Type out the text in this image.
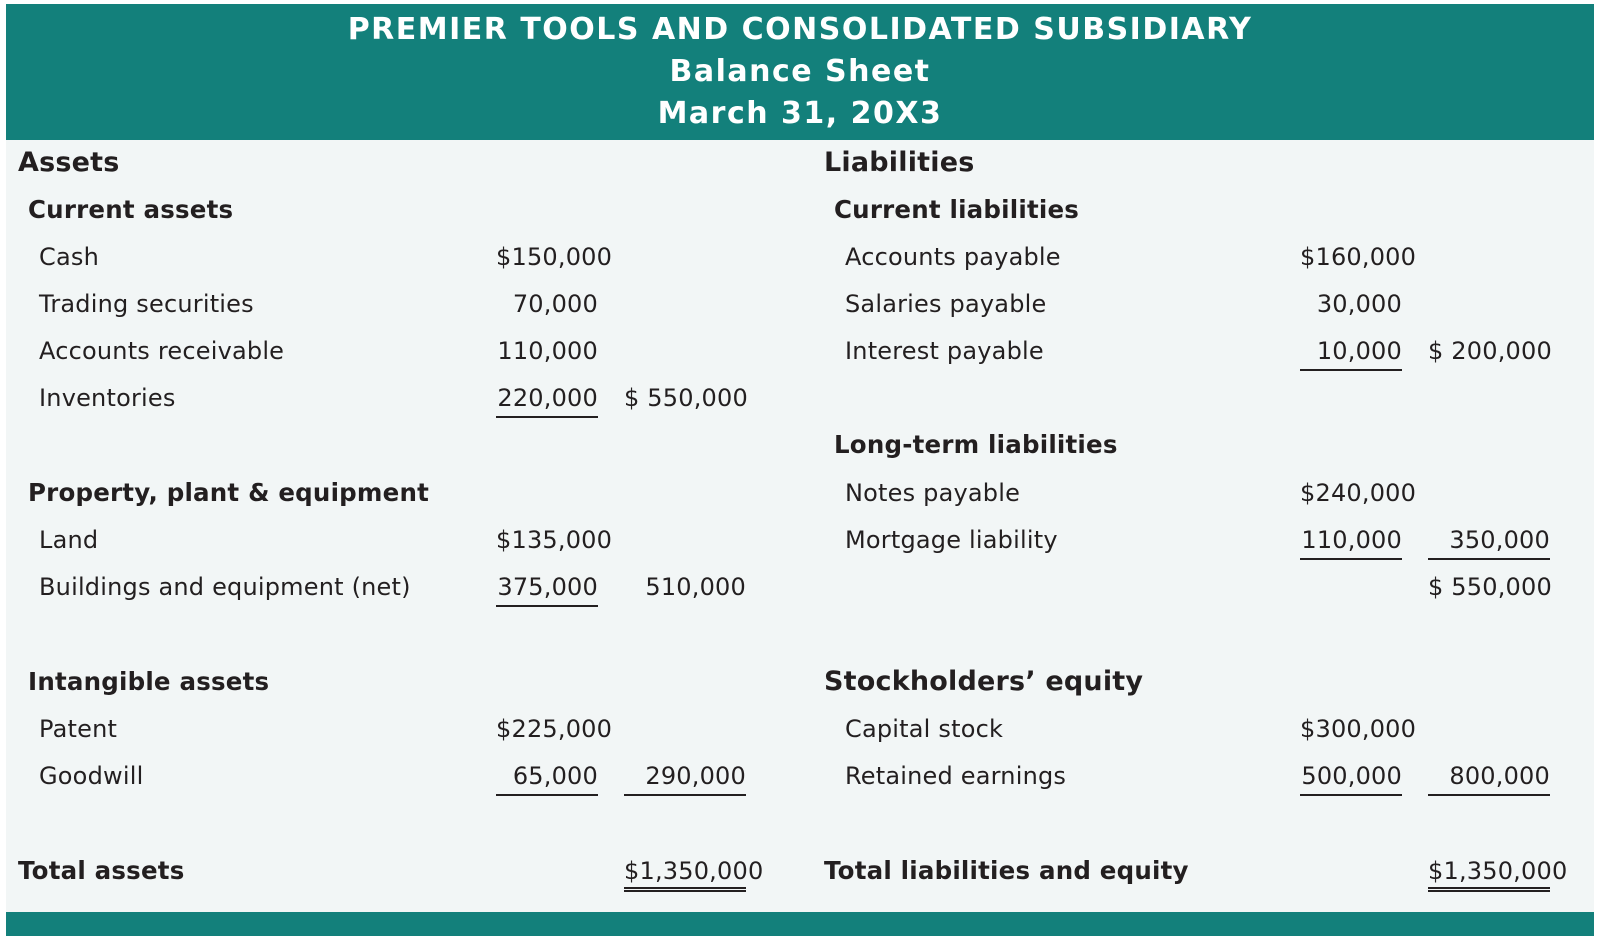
PREMIER TOOLS AND CONSOLIDATED SUBSIDIARY
Balance Sheet
March 31, 20X3
Assets
Current assets
Cash	$150,000
Trading securities	70,000
Accounts receivable	110,000
Inventories	220,000 $ 550,000
Property, plant & equipment
Land	$135,000
Buildings and equipment (net)	375,000	510,000
Intangible assets
Patent	$225,000
Goodwill	65,000	290,000
Total assets	$1,350,000
Liabilities
Current liabilities
Accounts payable	$160,000
Salaries payable	30,000
Interest payable	10,000 $ 200,000
Long-term liabilities
Notes payable	$240,000
Mortgage liability	110,000	350,000
$ 550,000
Stockholders’ equity
Capital stock	$300,000
Retained earnings	500,000	800,000
Total liabilities and equity	$1,350,000
